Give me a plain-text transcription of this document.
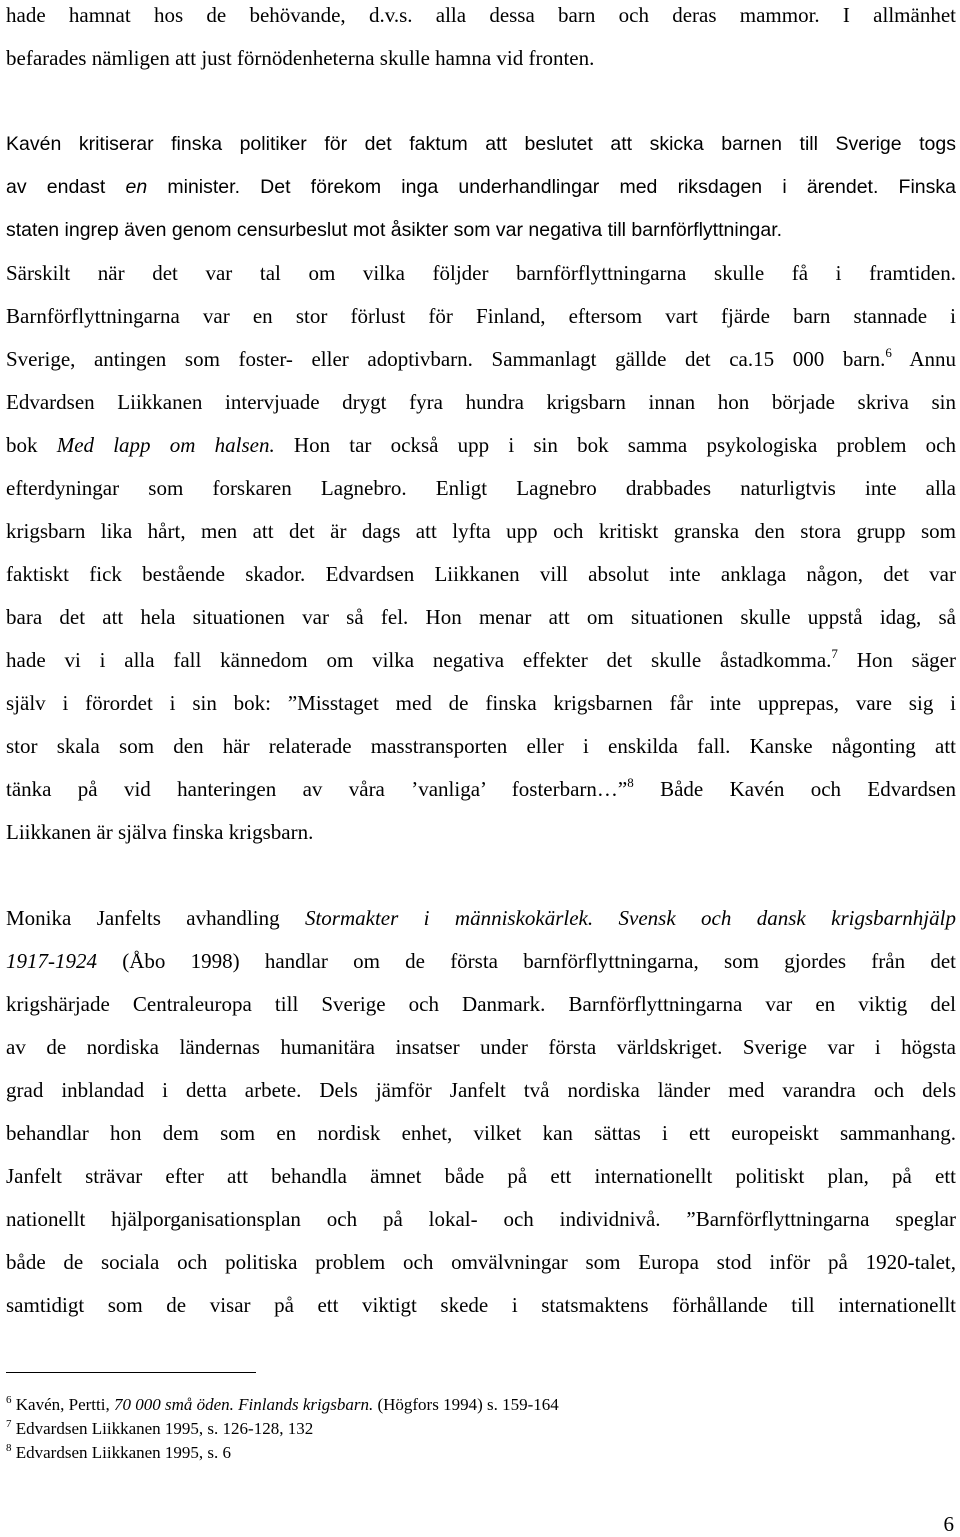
hade hamnat hos de behövande, d.v.s. alla dessa barn och deras mammor. I allmänhet
befarades nämligen att just förnödenheterna skulle hamna vid fronten.
Kavén kritiserar finska politiker för det faktum att beslutet att skicka barnen till Sverige togs
av endast en minister. Det förekom inga underhandlingar med riksdagen i ärendet. Finska
staten ingrep även genom censurbeslut mot åsikter som var negativa till barnförflyttningar.
Särskilt när det var tal om vilka följder barnförflyttningarna skulle få i framtiden.
Barnförflyttningarna var en stor förlust för Finland, eftersom vart fjärde barn stannade i
Sverige, antingen som foster- eller adoptivbarn. Sammanlagt gällde det ca.15 000 barn.$^6$ Annu
Edvardsen Liikkanen intervjuade drygt fyra hundra krigsbarn innan hon började skriva sin
bok Med lapp om halsen. Hon tar också upp i sin bok samma psykologiska problem och
efterdyningar som forskaren Lagnebro. Enligt Lagnebro drabbades naturligtvis inte alla
krigsbarn lika hårt, men att det är dags att lyfta upp och kritiskt granska den stora grupp som
faktiskt fick bestående skador. Edvardsen Liikkanen vill absolut inte anklaga någon, det var
bara det att hela situationen var så fel. Hon menar att om situationen skulle uppstå idag, så
hade vi i alla fall kännedom om vilka negativa effekter det skulle åstadkomma.$^7$ Hon säger
själv i förordet i sin bok: ”Misstaget med de finska krigsbarnen får inte upprepas, vare sig i
stor skala som den här relaterade masstransporten eller i enskilda fall. Kanske någonting att
tänka på vid hanteringen av våra ’vanliga’ fosterbarn…”$^8$ Både Kavén och Edvardsen
Liikkanen är själva finska krigsbarn.
Monika Janfelts avhandling Stormakter i människokärlek. Svensk och dansk krigsbarnhjälp
1917-1924 (Åbo 1998) handlar om de första barnförflyttningarna, som gjordes från det
krigshärjade Centraleuropa till Sverige och Danmark. Barnförflyttningarna var en viktig del
av de nordiska ländernas humanitära insatser under första världskriget. Sverige var i högsta
grad inblandad i detta arbete. Dels jämför Janfelt två nordiska länder med varandra och dels
behandlar hon dem som en nordisk enhet, vilket kan sättas i ett europeiskt sammanhang.
Janfelt strävar efter att behandla ämnet både på ett internationellt politiskt plan, på ett
nationellt hjälporganisationsplan och på lokal- och individnivå. ”Barnförflyttningarna speglar
både de sociala och politiska problem och omvälvningar som Europa stod inför på 1920-talet,
samtidigt som de visar på ett viktigt skede i statsmaktens förhållande till internationellt
$^6$ Kavén, Pertti, 70 000 små öden. Finlands krigsbarn. (Högfors 1994) s. 159-164
$^7$ Edvardsen Liikkanen 1995, s. 126-128, 132
$^8$ Edvardsen Liikkanen 1995, s. 6
6
